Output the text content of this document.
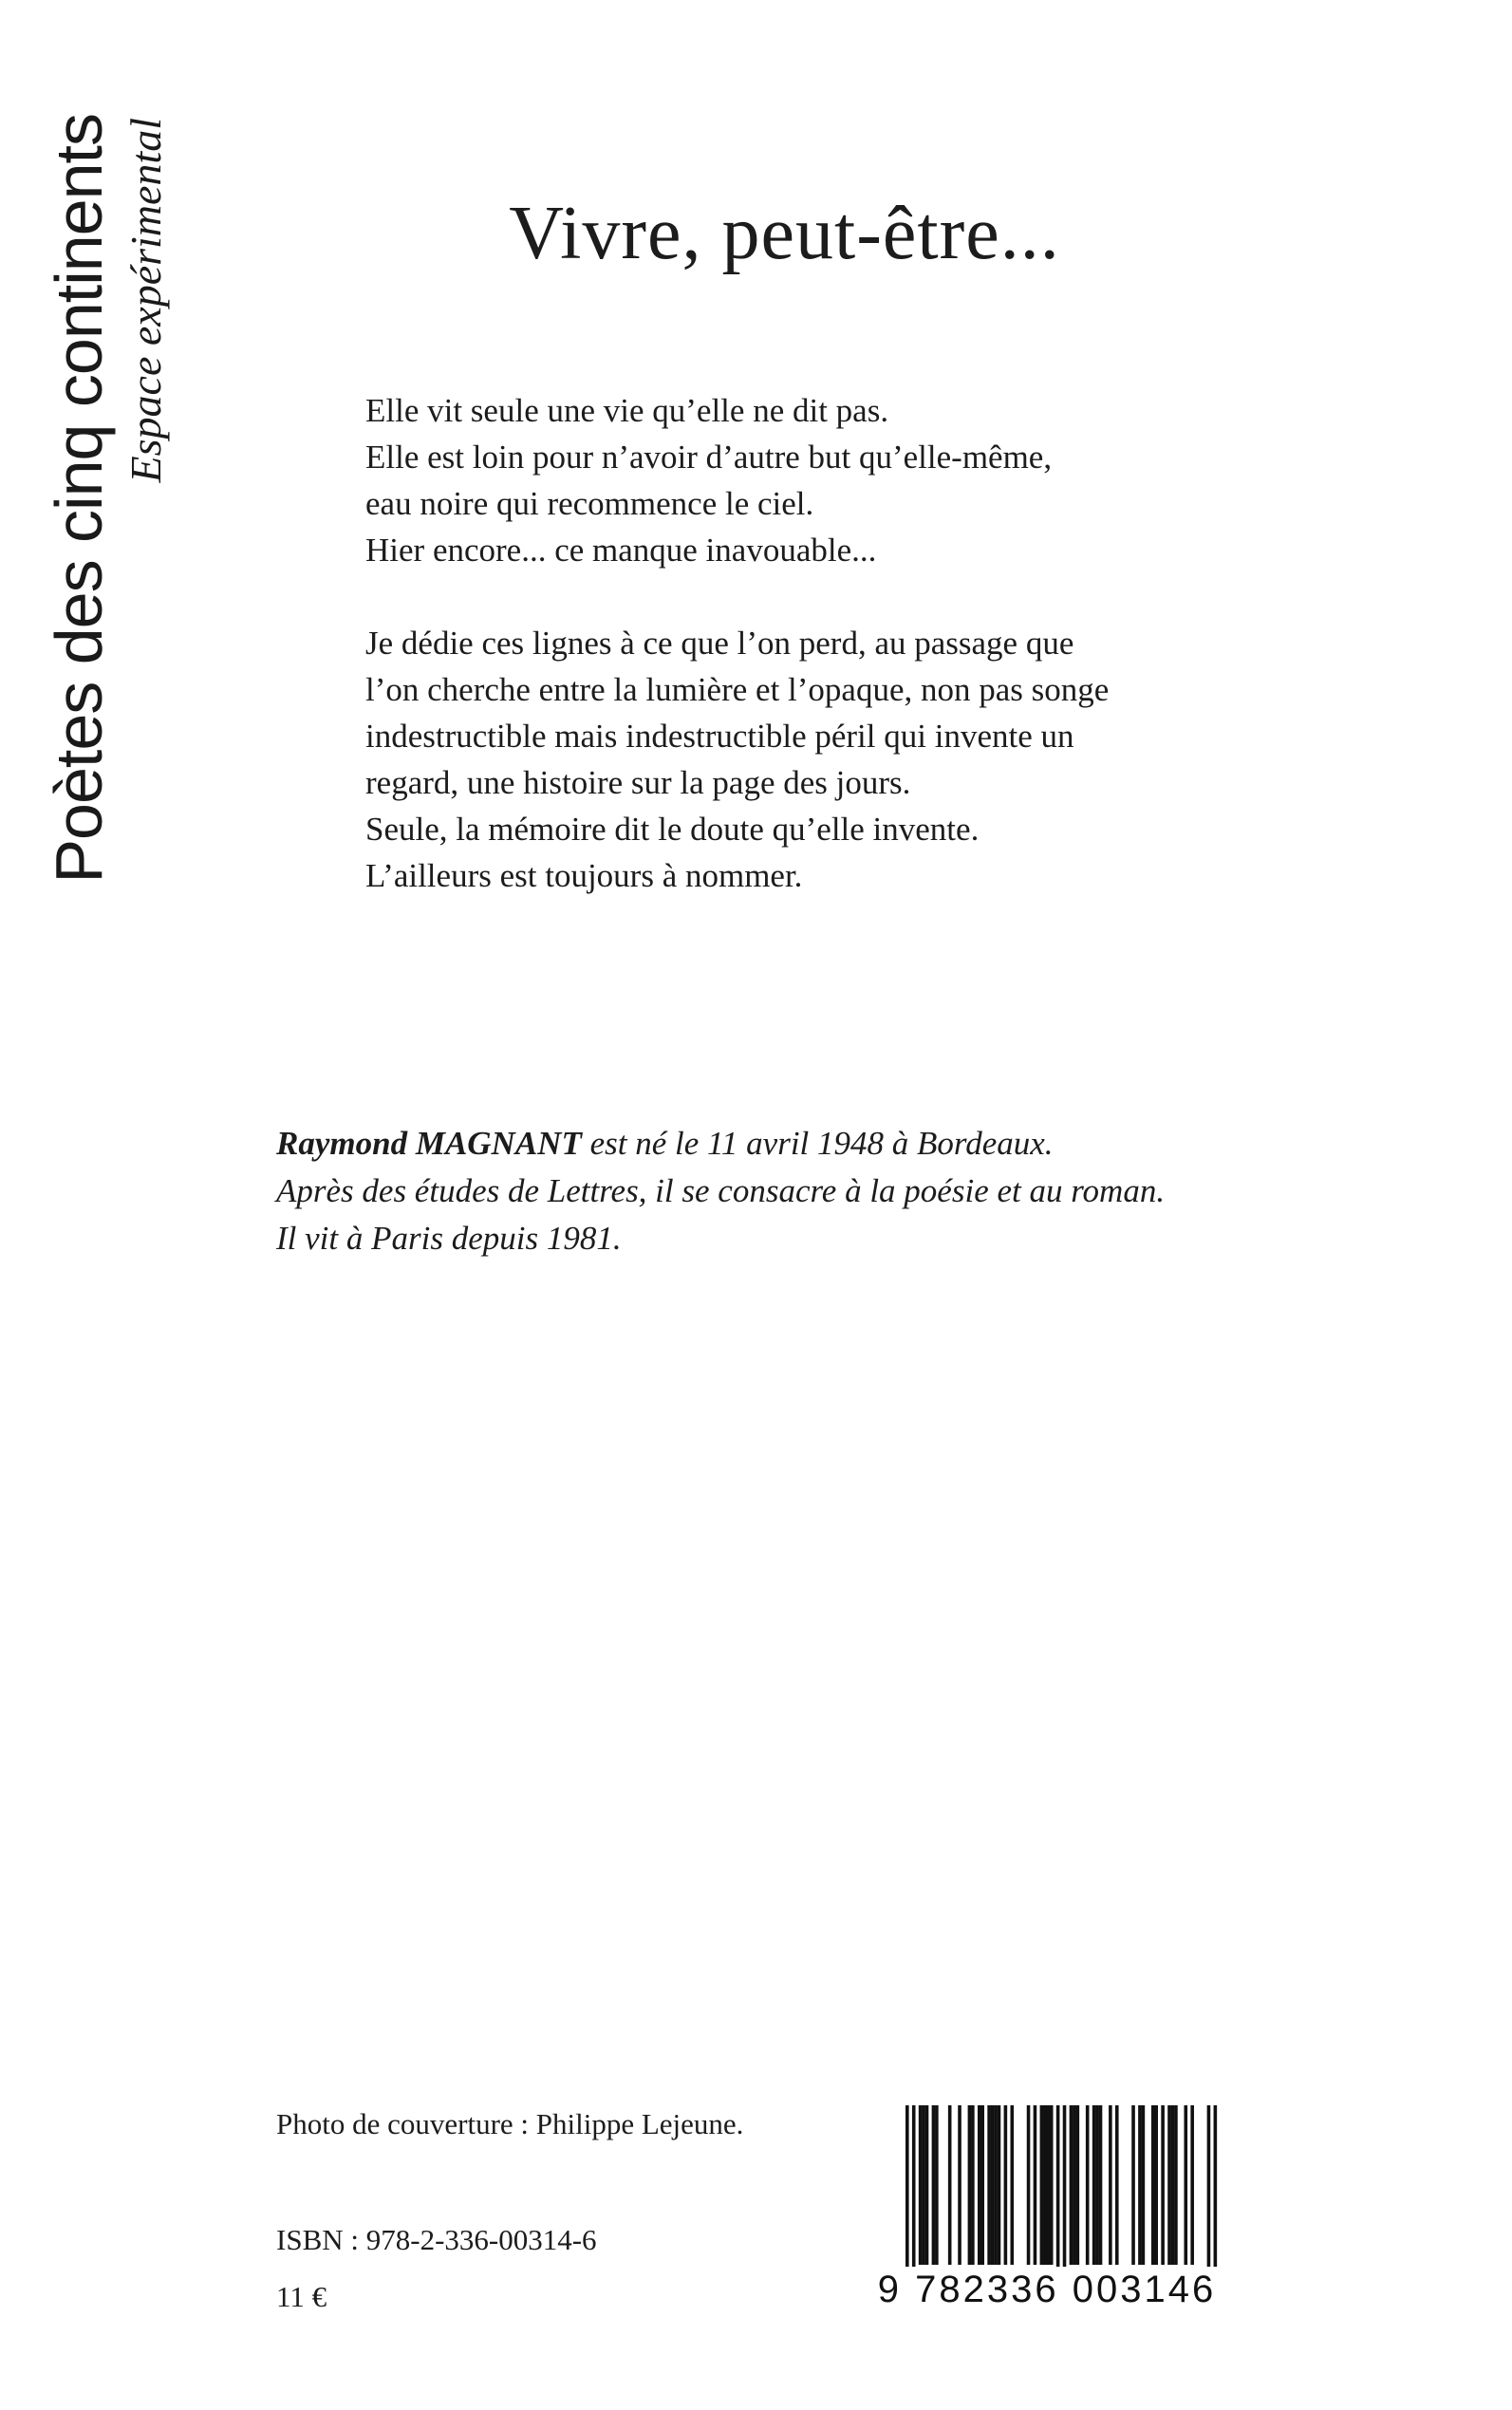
Poètes des cinq continents Espace expérimental	Vivre, peut-être...
Elle vit seule une vie qu’elle ne dit pas.
Elle est loin pour n’avoir d’autre but qu’elle-même,
eau noire qui recommence le ciel.
Hier encore... ce manque inavouable...
Je dédie ces lignes à ce que l’on perd, au passage que
l’on cherche entre la lumière et l’opaque, non pas songe
indestructible mais indestructible péril qui invente un
regard, une histoire sur la page des jours.
Seule, la mémoire dit le doute qu’elle invente.
L’ailleurs est toujours à nommer.
Raymond MAGNANT est né le 11 avril 1948 à Bordeaux.
Après des études de Lettres, il se consacre à la poésie et au roman.
Il vit à Paris depuis 1981.
Photo de couverture : Philippe Lejeune.
ISBN : 978-2-336-00314-6
11 €	9 782336 003146
